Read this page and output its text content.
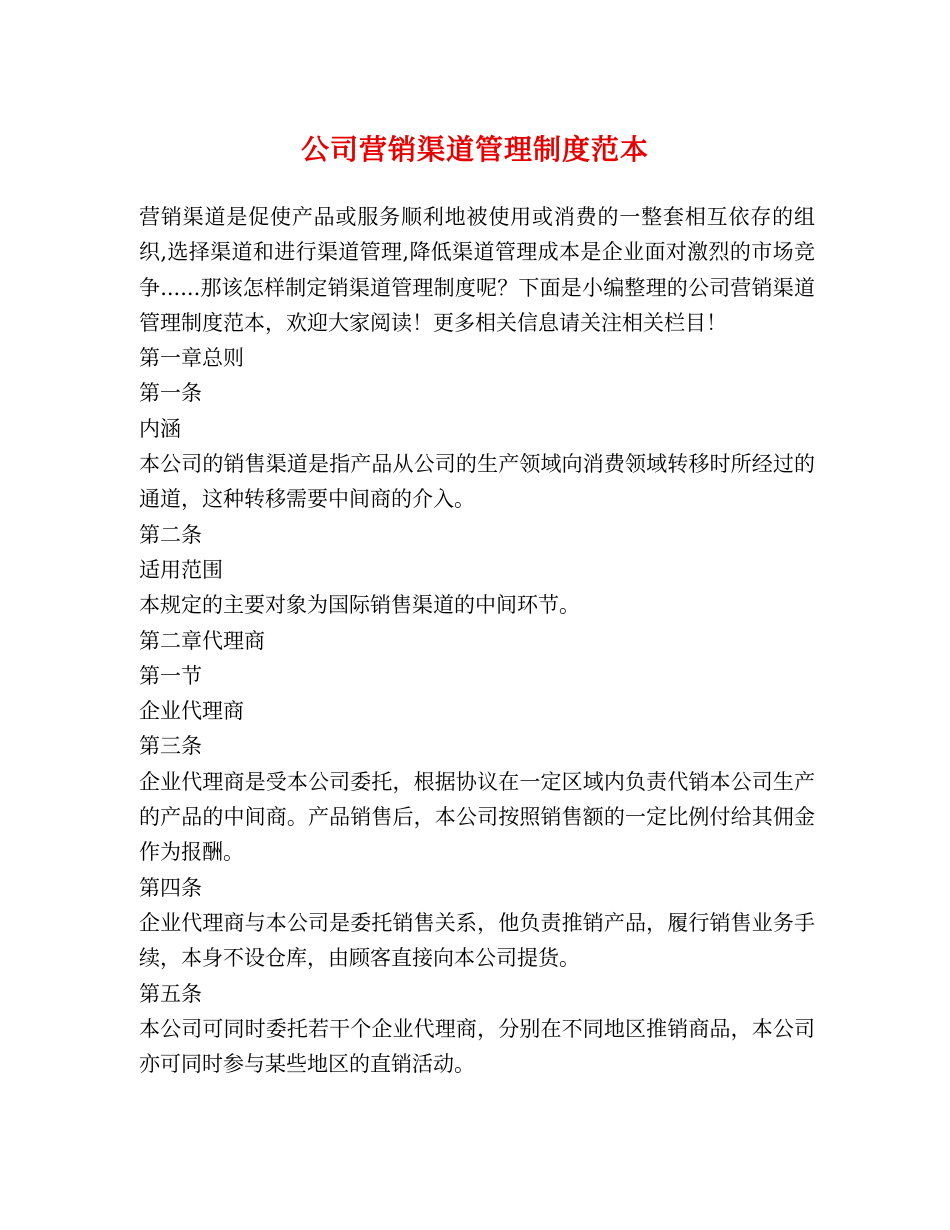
公司营销渠道管理制度范本

营销渠道是促使产品或服务顺利地被使用或消费的一整套相互依存的组织,选择渠道和进行渠道管理,降低渠道管理成本是企业面对激烈的市场竞争......那该怎样制定销渠道管理制度呢？下面是小编整理的公司营销渠道管理制度范本，欢迎大家阅读！更多相关信息请关注相关栏目！

第一章总则

第一条

内涵

本公司的销售渠道是指产品从公司的生产领域向消费领域转移时所经过的通道，这种转移需要中间商的介入。

第二条

适用范围

本规定的主要对象为国际销售渠道的中间环节。

第二章代理商

第一节

企业代理商

第三条

企业代理商是受本公司委托，根据协议在一定区域内负责代销本公司生产的产品的中间商。产品销售后，本公司按照销售额的一定比例付给其佣金作为报酬。

第四条

企业代理商与本公司是委托销售关系，他负责推销产品，履行销售业务手续，本身不设仓库，由顾客直接向本公司提货。

第五条

本公司可同时委托若干个企业代理商，分别在不同地区推销商品，本公司亦可同时参与某些地区的直销活动。
